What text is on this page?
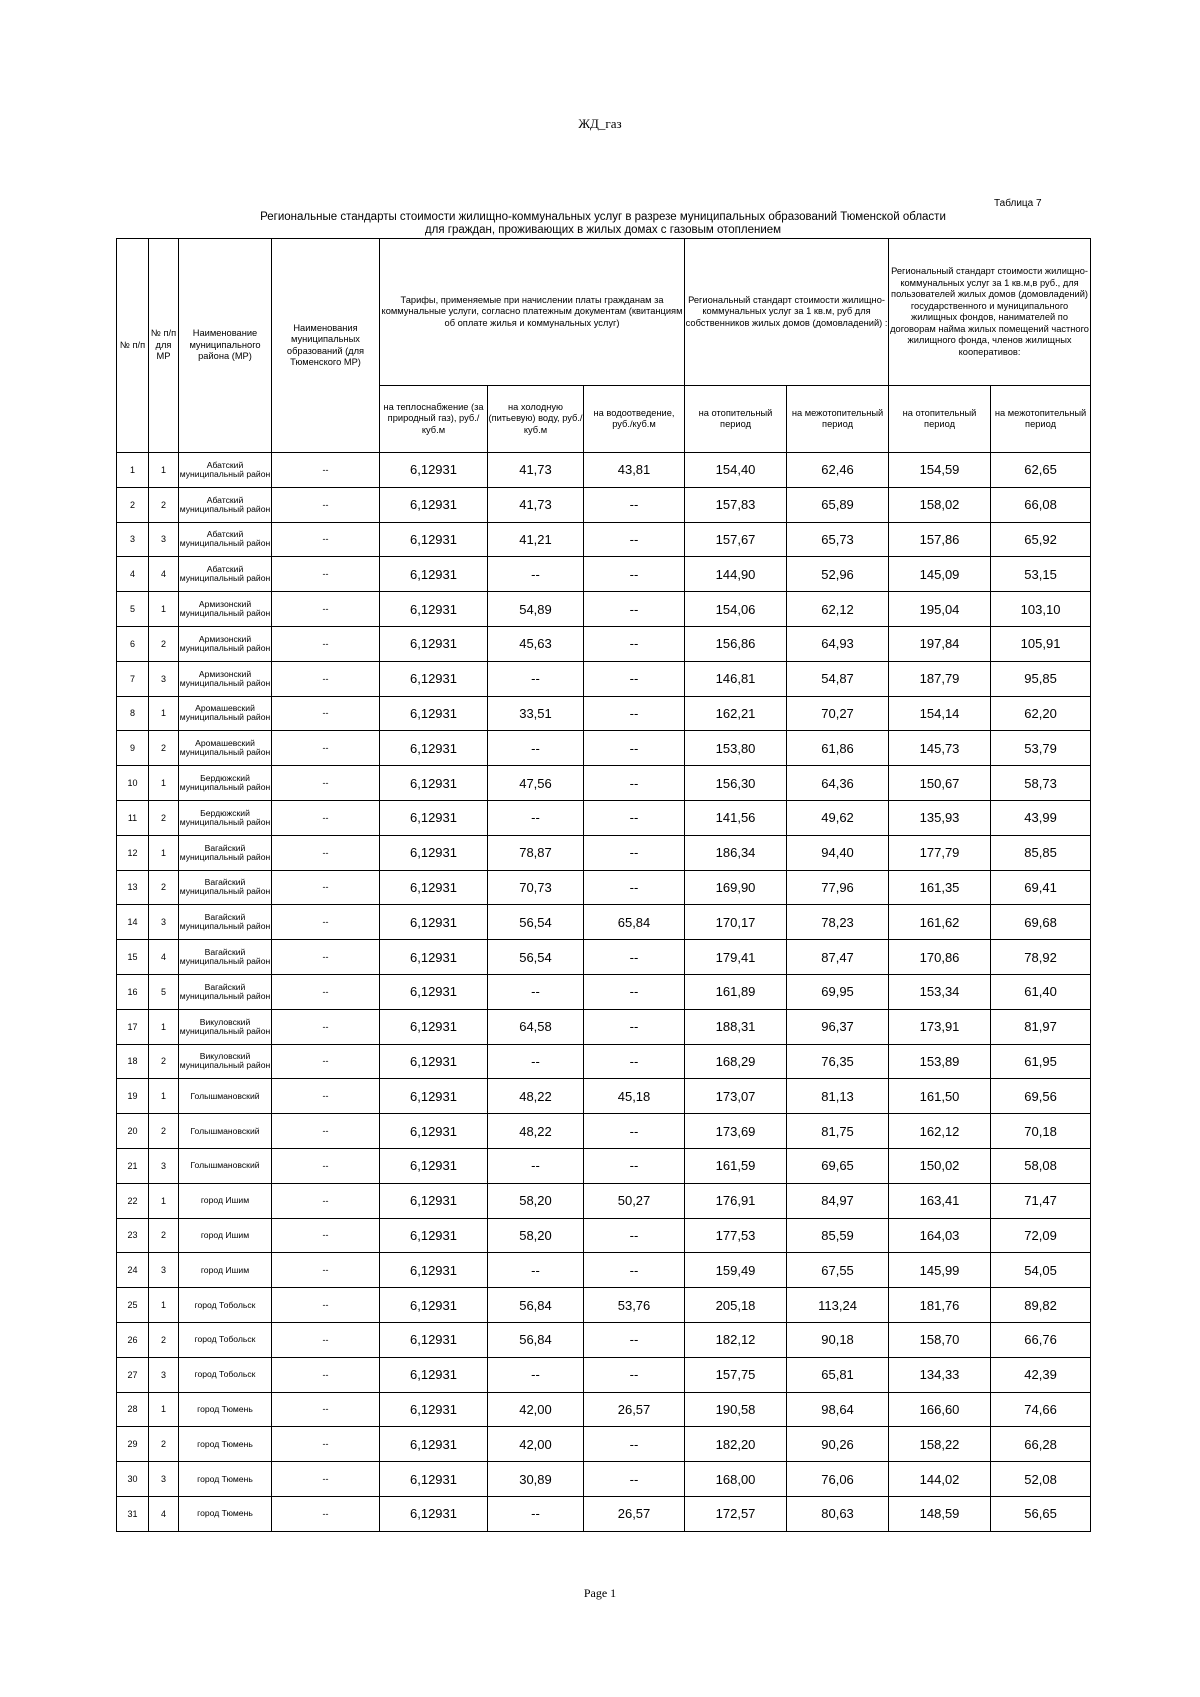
ЖД_газ
Таблица 7
Региональные стандарты стоимости жилищно-коммунальных услуг в разрезе муниципальных образований Тюменской области
для граждан, проживающих в жилых домах с газовым отоплением
№ п/п	№ п/п для МР	Наименование муниципального района (МР)	Наименования муниципальных образований (для Тюменского МР)	Тарифы, применяемые при начислении платы гражданам за коммунальные услуги, согласно платежным документам (квитанциям об оплате жилья и коммунальных услуг)			Региональный стандарт стоимости жилищно-коммунальных услуг за 1 кв.м, руб для собственников жилых домов (домовладений) :		Региональный стандарт стоимости жилищно-коммунальных услуг за 1 кв.м,в руб., для пользователей жилых домов (домовладений) государственного и муниципального жилищных фондов, нанимателей по договорам найма жилых помещений частного жилищного фонда, членов жилищных кооперативов:	
				на теплоснабжение (за природный газ), руб./куб.м	на холодную (питьевую) воду, руб./куб.м	на водоотведение, руб./куб.м	на отопительный период	на межотопительный период	на отопительный период	на межотопительный период
1	1	Абатский муниципальный район	--	6,12931	41,73	43,81	154,40	62,46	154,59	62,65
2	2	Абатский муниципальный район	--	6,12931	41,73	--	157,83	65,89	158,02	66,08
3	3	Абатский муниципальный район	--	6,12931	41,21	--	157,67	65,73	157,86	65,92
4	4	Абатский муниципальный район	--	6,12931	--	--	144,90	52,96	145,09	53,15
5	1	Армизонский муниципальный район	--	6,12931	54,89	--	154,06	62,12	195,04	103,10
6	2	Армизонский муниципальный район	--	6,12931	45,63	--	156,86	64,93	197,84	105,91
7	3	Армизонский муниципальный район	--	6,12931	--	--	146,81	54,87	187,79	95,85
8	1	Аромашевский муниципальный район	--	6,12931	33,51	--	162,21	70,27	154,14	62,20
9	2	Аромашевский муниципальный район	--	6,12931	--	--	153,80	61,86	145,73	53,79
10	1	Бердюжский муниципальный район	--	6,12931	47,56	--	156,30	64,36	150,67	58,73
11	2	Бердюжский муниципальный район	--	6,12931	--	--	141,56	49,62	135,93	43,99
12	1	Вагайский муниципальный район	--	6,12931	78,87	--	186,34	94,40	177,79	85,85
13	2	Вагайский муниципальный район	--	6,12931	70,73	--	169,90	77,96	161,35	69,41
14	3	Вагайский муниципальный район	--	6,12931	56,54	65,84	170,17	78,23	161,62	69,68
15	4	Вагайский муниципальный район	--	6,12931	56,54	--	179,41	87,47	170,86	78,92
16	5	Вагайский муниципальный район	--	6,12931	--	--	161,89	69,95	153,34	61,40
17	1	Викуловский муниципальный район	--	6,12931	64,58	--	188,31	96,37	173,91	81,97
18	2	Викуловский муниципальный район	--	6,12931	--	--	168,29	76,35	153,89	61,95
19	1	Голышмановский	--	6,12931	48,22	45,18	173,07	81,13	161,50	69,56
20	2	Голышмановский	--	6,12931	48,22	--	173,69	81,75	162,12	70,18
21	3	Голышмановский	--	6,12931	--	--	161,59	69,65	150,02	58,08
22	1	город Ишим	--	6,12931	58,20	50,27	176,91	84,97	163,41	71,47
23	2	город Ишим	--	6,12931	58,20	--	177,53	85,59	164,03	72,09
24	3	город Ишим	--	6,12931	--	--	159,49	67,55	145,99	54,05
25	1	город Тобольск	--	6,12931	56,84	53,76	205,18	113,24	181,76	89,82
26	2	город Тобольск	--	6,12931	56,84	--	182,12	90,18	158,70	66,76
27	3	город Тобольск	--	6,12931	--	--	157,75	65,81	134,33	42,39
28	1	город Тюмень	--	6,12931	42,00	26,57	190,58	98,64	166,60	74,66
29	2	город Тюмень	--	6,12931	42,00	--	182,20	90,26	158,22	66,28
30	3	город Тюмень	--	6,12931	30,89	--	168,00	76,06	144,02	52,08
31	4	город Тюмень	--	6,12931	--	26,57	172,57	80,63	148,59	56,65
Page 1
